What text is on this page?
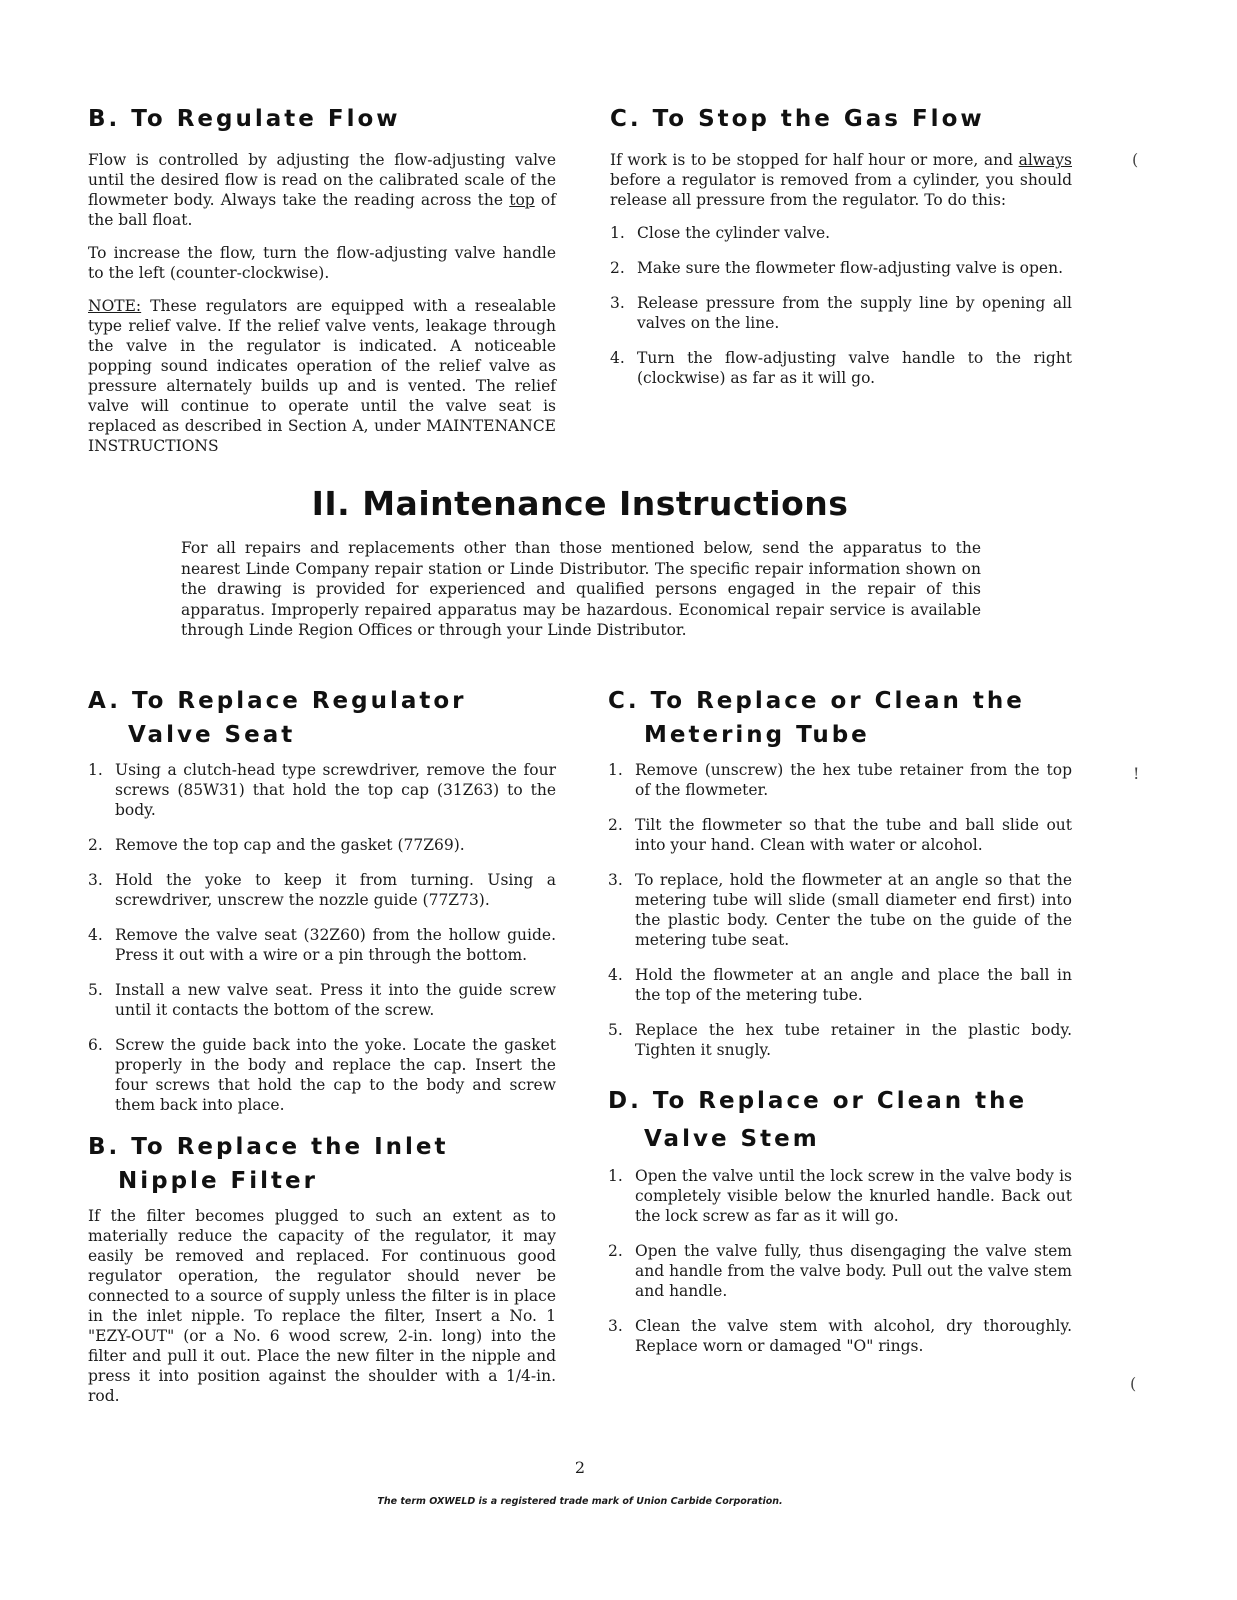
B. To Regulate Flow

Flow is controlled by adjusting the flow-adjusting valve until the desired flow is read on the calibrated scale of the flowmeter body. Always take the reading across the top of the ball float.

To increase the flow, turn the flow-adjusting valve handle to the left (counter-clockwise).

NOTE: These regulators are equipped with a resealable type relief valve. If the relief valve vents, leakage through the valve in the regulator is indicated. A noticeable popping sound indicates operation of the relief valve as pressure alternately builds up and is vented. The relief valve will continue to operate until the valve seat is replaced as described in Section A, under MAINTENANCE INSTRUCTIONS

C. To Stop the Gas Flow

If work is to be stopped for half hour or more, and always before a regulator is removed from a cylinder, you should release all pressure from the regulator. To do this:

1. Close the cylinder valve.
2. Make sure the flowmeter flow-adjusting valve is open.
3. Release pressure from the supply line by opening all valves on the line.
4. Turn the flow-adjusting valve handle to the right (clockwise) as far as it will go.
II. Maintenance Instructions

For all repairs and replacements other than those mentioned below, send the apparatus to the nearest Linde Company repair station or Linde Distributor. The specific repair information shown on the drawing is provided for experienced and qualified persons engaged in the repair of this apparatus. Improperly repaired apparatus may be hazardous. Economical repair service is available through Linde Region Offices or through your Linde Distributor.

A. To Replace Regulator
Valve Seat
1. Using a clutch-head type screwdriver, remove the four screws (85W31) that hold the top cap (31Z63) to the body.
2. Remove the top cap and the gasket (77Z69).
3. Hold the yoke to keep it from turning. Using a screwdriver, unscrew the nozzle guide (77Z73).
4. Remove the valve seat (32Z60) from the hollow guide. Press it out with a wire or a pin through the bottom.
5. Install a new valve seat. Press it into the guide screw until it contacts the bottom of the screw.
6. Screw the guide back into the yoke. Locate the gasket properly in the body and replace the cap. Insert the four screws that hold the cap to the body and screw them back into place.
B. To Replace the Inlet
Nipple Filter

If the filter becomes plugged to such an extent as to materially reduce the capacity of the regulator, it may easily be removed and replaced. For continuous good regulator operation, the regulator should never be connected to a source of supply unless the filter is in place in the inlet nipple. To replace the filter, Insert a No. 1 "EZY-OUT" (or a No. 6 wood screw, 2-in. long) into the filter and pull it out. Place the new filter in the nipple and press it into position against the shoulder with a 1/4-in. rod.

C. To Replace or Clean the
Metering Tube
1. Remove (unscrew) the hex tube retainer from the top of the flowmeter.
2. Tilt the flowmeter so that the tube and ball slide out into your hand. Clean with water or alcohol.
3. To replace, hold the flowmeter at an angle so that the metering tube will slide (small diameter end first) into the plastic body. Center the tube on the guide of the metering tube seat.
4. Hold the flowmeter at an angle and place the ball in the top of the metering tube.
5. Replace the hex tube retainer in the plastic body. Tighten it snugly.
D. To Replace or Clean the
Valve Stem
1. Open the valve until the lock screw in the valve body is completely visible below the knurled handle. Back out the lock screw as far as it will go.
2. Open the valve fully, thus disengaging the valve stem and handle from the valve body. Pull out the valve stem and handle.
3. Clean the valve stem with alcohol, dry thoroughly. Replace worn or damaged "O" rings.
(
!
(
2
The term OXWELD is a registered trade mark of Union Carbide Corporation.
